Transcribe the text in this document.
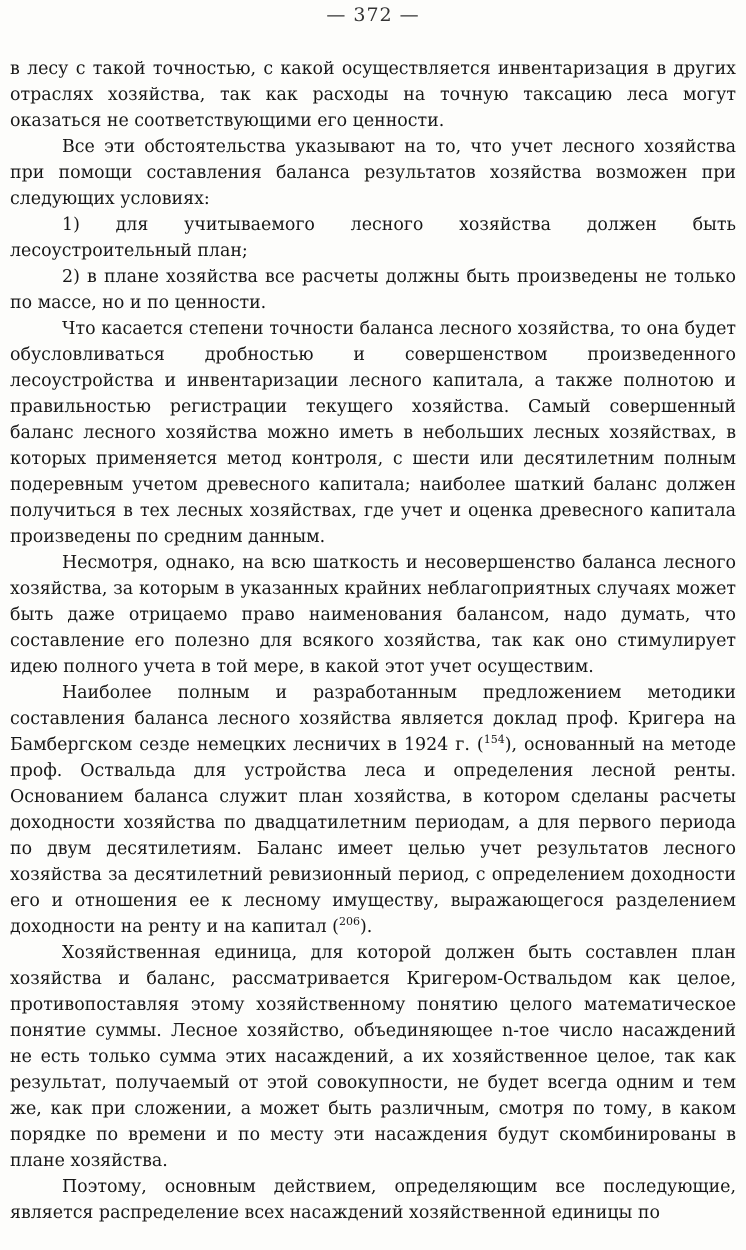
— 372 —

в лесу с такой точностью, с какой осуществляется инвентаризация в других отраслях хозяйства, так как расходы на точную таксацию леса могут оказаться не соответствующими его ценности.

Все эти обстоятельства указывают на то, что учет лесного хозяйства при помощи составления баланса результатов хозяйства возможен при следующих условиях:

1) для учитываемого лесного хозяйства должен быть лесоустроительный план;

2) в плане хозяйства все расчеты должны быть произведены не только по массе, но и по ценности.

Что касается степени точности баланса лесного хозяйства, то она будет обусловливаться дробностью и совершенством произведенного лесоустройства и инвентаризации лесного капитала, а также полнотою и правильностью регистрации текущего хозяйства. Самый совершенный баланс лесного хозяйства можно иметь в небольших лесных хозяйствах, в которых применяется метод контроля, с шести или десятилетним полным подеревным учетом древесного капитала; наиболее шаткий баланс должен получиться в тех лесных хозяйствах, где учет и оценка древесного капитала произведены по средним данным.

Несмотря, однако, на всю шаткость и несовершенство баланса лесного хозяйства, за которым в указанных крайних неблагоприятных случаях может быть даже отрицаемо право наименования балансом, надо думать, что составление его полезно для всякого хозяйства, так как оно стимулирует идею полного учета в той мере, в какой этот учет осуществим.

Наиболее полным и разработанным предложением методики составления баланса лесного хозяйства является доклад проф. Кригера на Бамбергском сезде немецких лесничих в 1924 г. ($^{154}$), основанный на методе проф. Оствальда для устройства леса и определения лесной ренты. Основанием баланса служит план хозяйства, в котором сделаны расчеты доходности хозяйства по двадцатилетним периодам, а для первого периода по двум десятилетиям. Баланс имеет целью учет результатов лесного хозяйства за десятилетний ревизионный период, с определением доходности его и отношения ее к лесному имуществу, выражающегося разделением доходности на ренту и на капитал ($^{206}$).

Хозяйственная единица, для которой должен быть составлен план хозяйства и баланс, рассматривается Кригером-Оствальдом как целое, противопоставляя этому хозяйственному понятию целого математическое понятие суммы. Лесное хозяйство, объединяющее n-тое число насаждений не есть только сумма этих насаждений, а их хозяйственное целое, так как результат, получаемый от этой совокупности, не будет всегда одним и тем же, как при сложении, а может быть различным, смотря по тому, в каком порядке по времени и по месту эти насаждения будут скомбинированы в плане хозяйства.

Поэтому, основным действием, определяющим все последующие, является распределение всех насаждений хозяйственной единицы по
